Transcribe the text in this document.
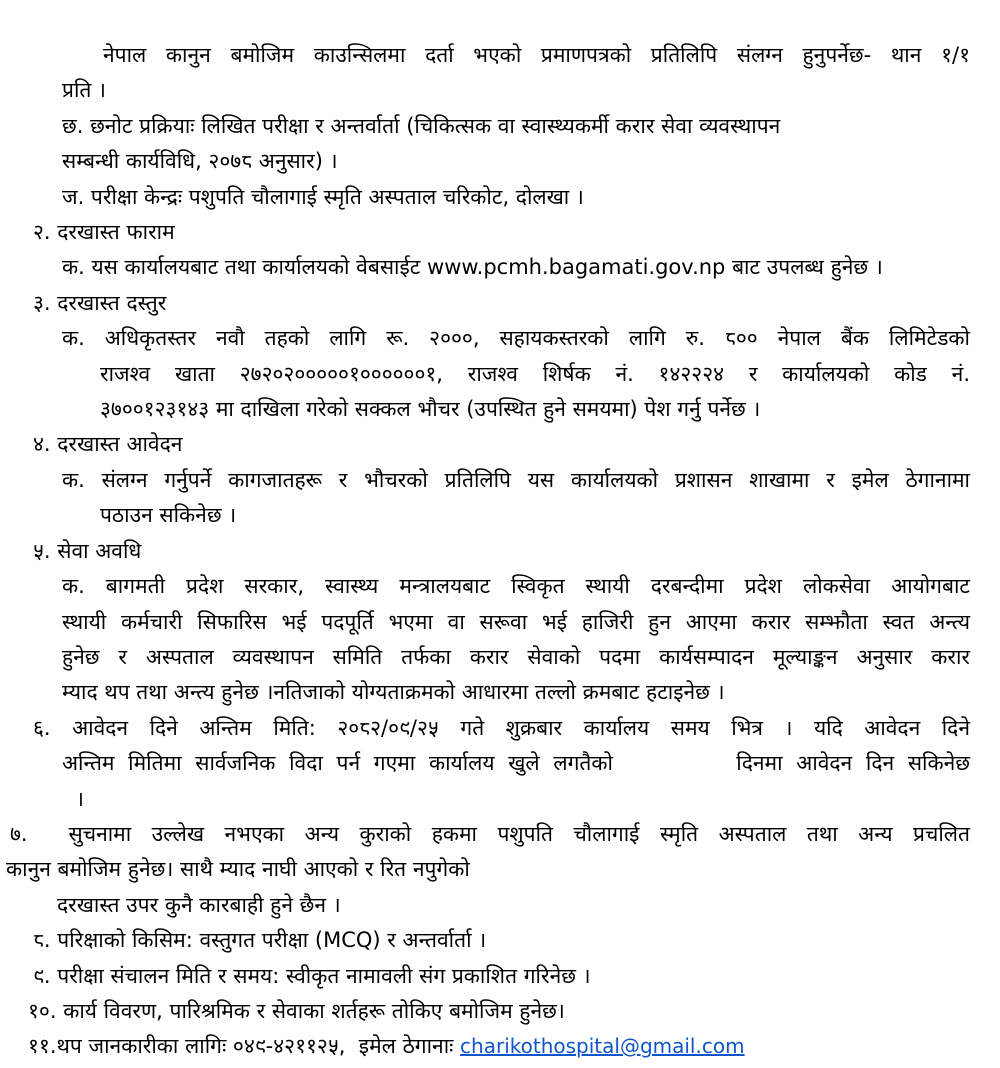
नेपाल कानुन बमोजिम काउन्सिलमा दर्ता भएको प्रमाणपत्रको प्रतिलिपि संलग्न हुनुपर्नेछ- थान १/१
प्रति ।
छ. छनोट प्रक्रियाः लिखित परीक्षा र अन्तर्वार्ता (चिकित्सक वा स्वास्थ्यकर्मी करार सेवा व्यवस्थापन
सम्बन्धी कार्यविधि, २०७८ अनुसार) ।
ज. परीक्षा केन्द्रः पशुपति चौलागाई स्मृति अस्पताल चरिकोट, दोलखा ।
२. दरखास्त फाराम
क. यस कार्यालयबाट तथा कार्यालयको वेबसाईट www.pcmh.bagamati.gov.np बाट उपलब्ध हुनेछ ।
३. दरखास्त दस्तुर
क. अधिकृतस्तर नवौ तहको लागि रू. २०००, सहायकस्तरको लागि रु. ८०० नेपाल बैंक लिमिटेडको
राजश्व खाता २७२०२०००००१००००००१, राजश्व शिर्षक नं. १४२२२४ र कार्यालयको कोड नं.
३७००१२३१४३ मा दाखिला गरेको सक्कल भौचर (उपस्थित हुने समयमा) पेश गर्नु पर्नेछ ।
४. दरखास्त आवेदन
क. संलग्न गर्नुपर्ने कागजातहरू र भौचरको प्रतिलिपि यस कार्यालयको प्रशासन शाखामा र इमेल ठेगानामा
पठाउन सकिनेछ ।
५. सेवा अवधि
क. बागमती प्रदेश सरकार, स्वास्थ्य मन्त्रालयबाट स्विकृत स्थायी दरबन्दीमा प्रदेश लोकसेवा आयोगबाट
स्थायी कर्मचारी सिफारिस भई पदपूर्ति भएमा वा सरूवा भई हाजिरी हुन आएमा करार सम्झौता स्वत अन्त्य
हुनेछ र अस्पताल व्यवस्थापन समिति तर्फका करार सेवाको पदमा कार्यसम्पादन मूल्याङ्कन अनुसार करार
म्याद थप तथा अन्त्य हुनेछ ।नतिजाको योग्यताक्रमको आधारमा तल्लो क्रमबाट हटाइनेछ ।
६. आवेदन दिने अन्तिम मिति: २०८२/०९/२५ गते शुक्रबार कार्यालय समय भित्र । यदि आवेदन दिने
अन्तिम मितिमा सार्वजनिक विदा पर्न गएमा कार्यालय खुले लगतैको         दिनमा आवेदन दिन सकिनेछ
।
७.  सुचनामा उल्लेख नभएका अन्य कुराको हकमा पशुपति चौलागाई स्मृति अस्पताल तथा अन्य प्रचलित
कानुन बमोजिम हुनेछ। साथै म्याद नाघी आएको र रित नपुगेको
दरखास्त उपर कुनै कारबाही हुने छैन ।
८. परिक्षाको किसिम: वस्तुगत परीक्षा (MCQ) र अन्तर्वार्ता ।
९. परीक्षा संचालन मिति र समय: स्वीकृत नामावली संग प्रकाशित गरिनेछ ।
१०. कार्य विवरण, पारिश्रमिक र सेवाका शर्तहरू तोकिए बमोजिम हुनेछ।
११.थप जानकारीका लागिः ०४९-४२११२५,  इमेल ठेगानाः charikothospital@gmail.com
